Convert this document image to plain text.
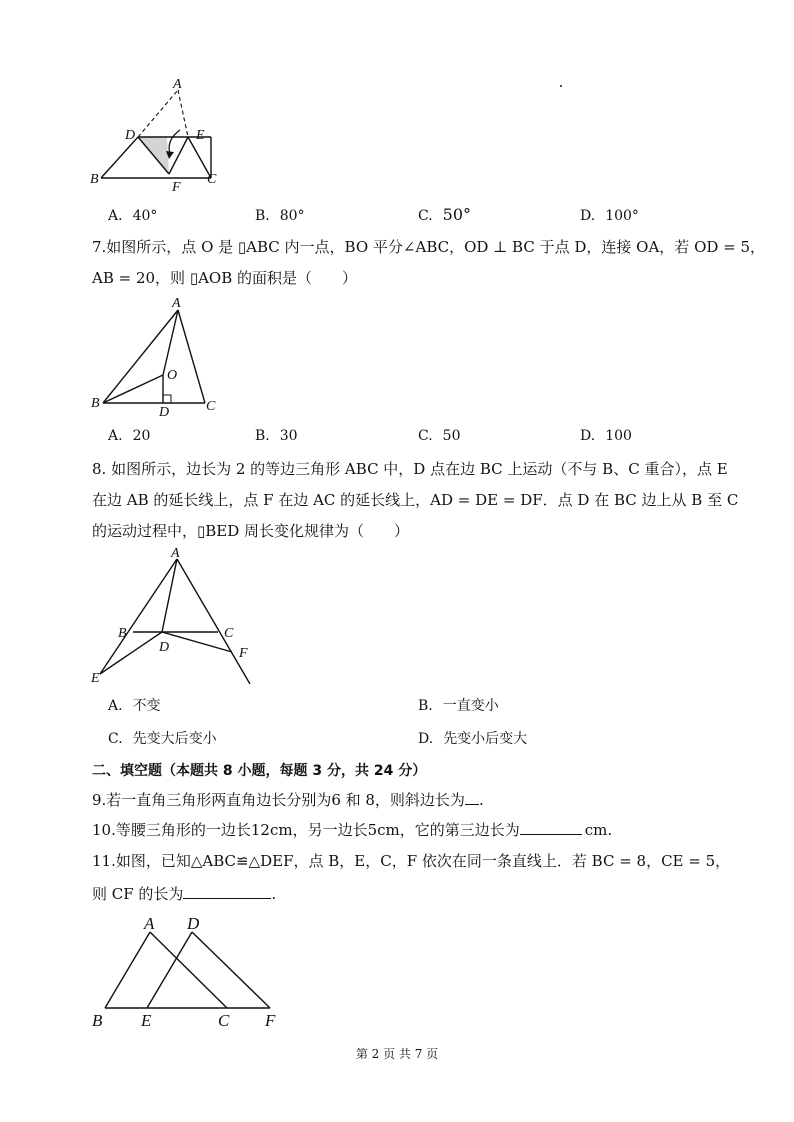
A
D	E
B
F
C
A. 40°	B. 80°	C. 50°	D. 100°
7.如图所示，点 O 是 ▯ABC 内一点，BO 平分∠ABC，OD ⊥ BC 于点 D，连接 OA，若 OD = 5，
AB = 20，则 ▯AOB 的面积是（　　）
A
O
B
D	C
A. 20	B. 30	C. 50	D. 100
8. 如图所示，边长为 2 的等边三角形 ABC 中，D 点在边 BC 上运动（不与 B、C 重合），点 E
在边 AB 的延长线上，点 F 在边 AC 的延长线上，AD = DE = DF．点 D 在 BC 边上从 B 至 C
的运动过程中，▯BED 周长变化规律为（　　）
A
B	C
D
E
F
A. 不变	B. 一直变小
C. 先变大后变小	D. 先变小后变大
二、填空题（本题共 8 小题，每题 3 分，共 24 分）
9.若一直角三角形两直角边长分别为6 和 8，则斜边长为 .
10.等腰三角形的一边长12cm，另一边长5cm，它的第三边长为	cm.
11.如图，已知△ABC≌△DEF，点 B，E，C，F 依次在同一条直线上．若 BC = 8，CE = 5，
则 CF 的长为	.
A D
B E	C F
第 2 页 共 7 页
